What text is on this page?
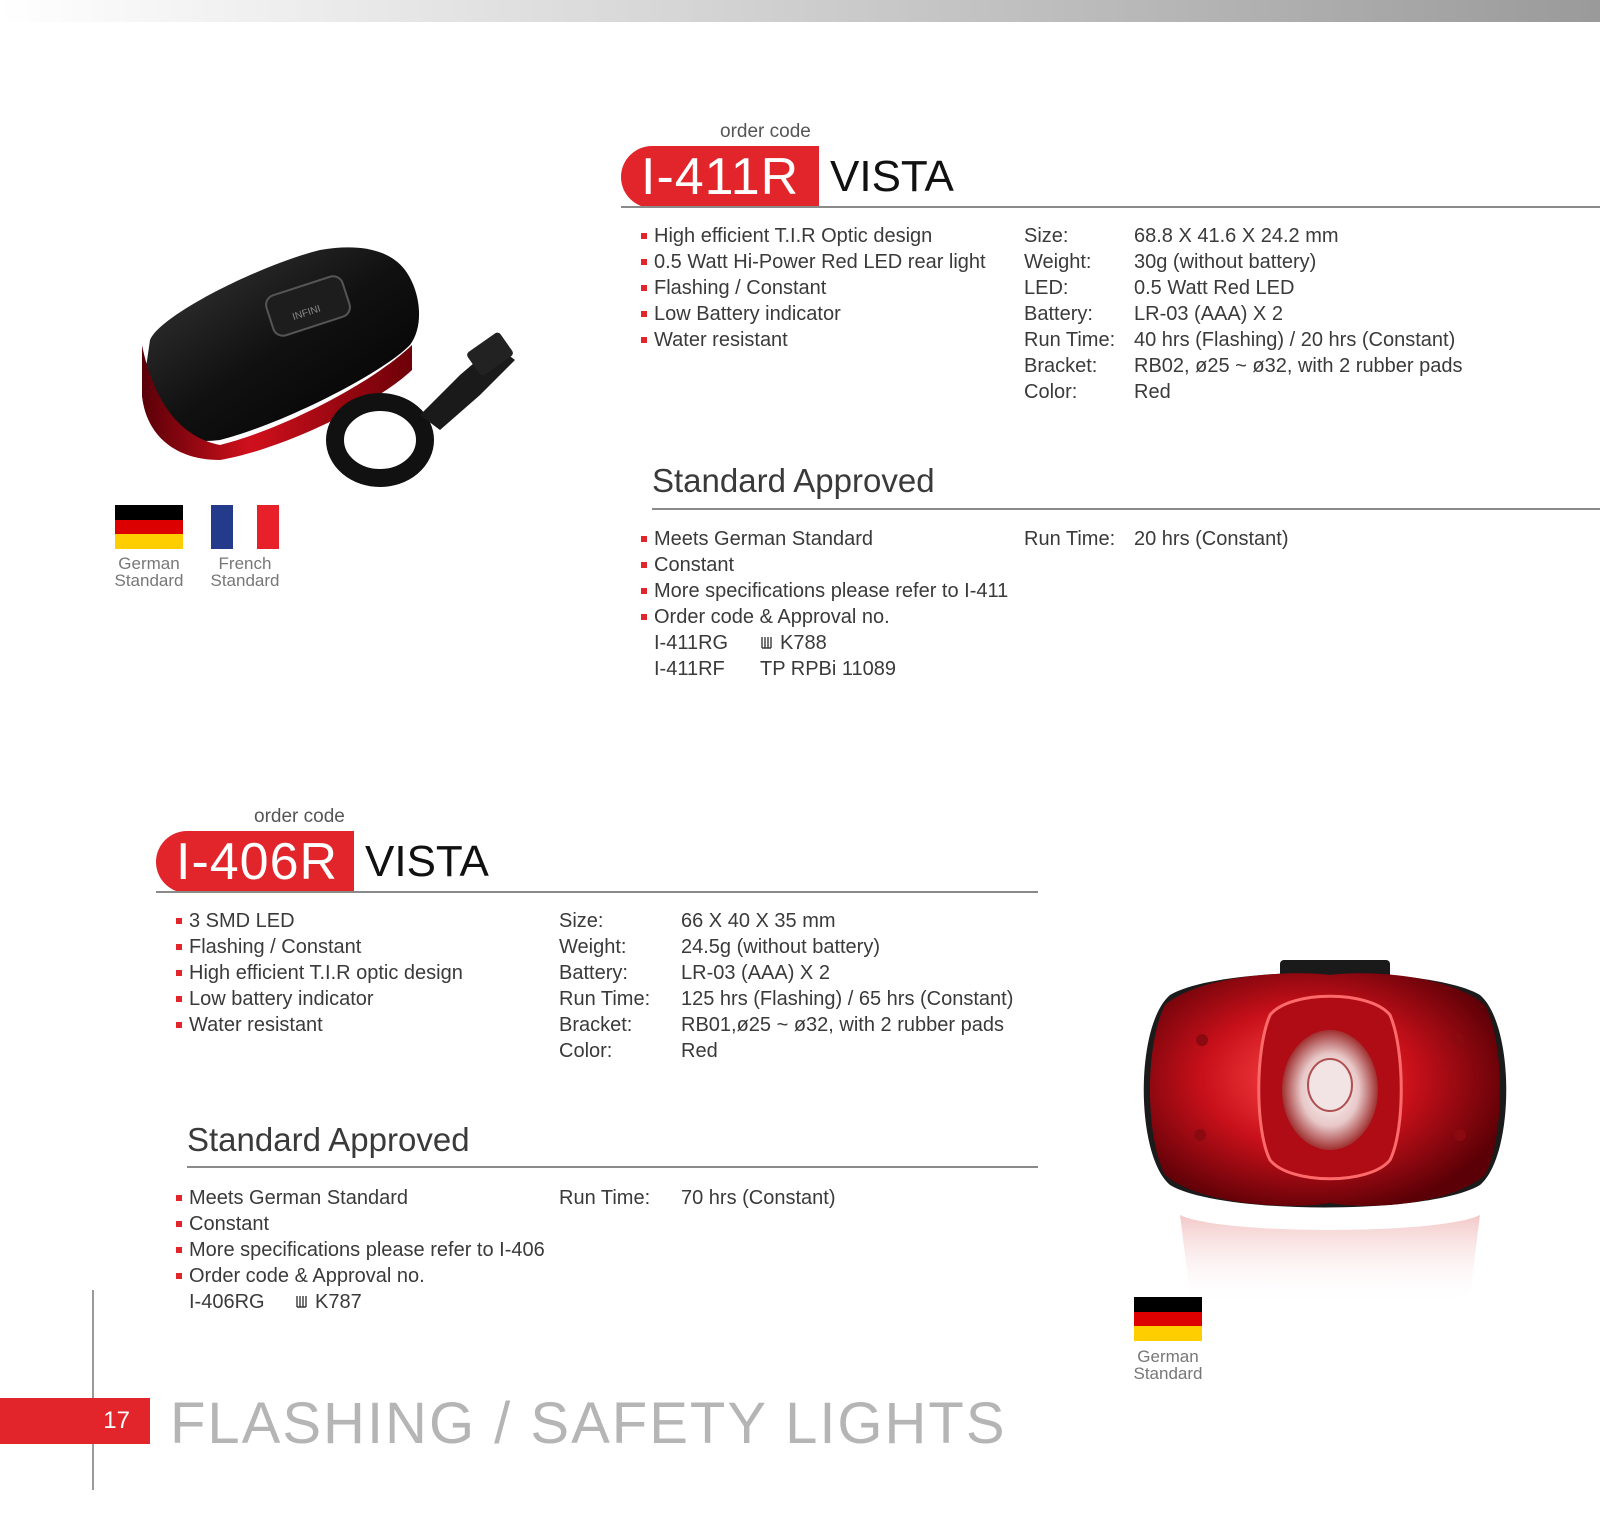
order code
I-411R VISTA
High efficient T.I.R Optic design
0.5 Watt Hi-Power Red LED rear light
Flashing / Constant
Low Battery indicator
Water resistant
Size:	68.8 X 41.6 X 24.2 mm
Weight:	30g (without battery)
LED:	0.5 Watt Red LED
Battery:	LR-03 (AAA) X 2
Run Time:	40 hrs (Flashing) / 20 hrs (Constant)
Bracket:	RB02, ø25 ~ ø32, with 2 rubber pads
Color:	Red
Standard Approved
Meets German Standard
Constant
More specifications please refer to I-411
Order code & Approval no.
I-411RG	K788
I-411RF TP RPBi 11089
Run Time:	20 hrs (Constant)
INFINI
German
Standard
French
Standard
order code
I-406R VISTA
3 SMD LED
Flashing / Constant
High efficient T.I.R optic design
Low battery indicator
Water resistant
Size:	66 X 40 X 35 mm
Weight:	24.5g (without battery)
Battery:	LR-03 (AAA) X 2
Run Time:	125 hrs (Flashing) / 65 hrs (Constant)
Bracket:	RB01,ø25 ~ ø32, with 2 rubber pads
Color:	Red
Standard Approved
Meets German Standard
Constant
More specifications please refer to I-406
Order code & Approval no.
I-406RG	K787
Run Time:	70 hrs (Constant)
German
Standard
17 FLASHING / SAFETY LIGHTS
